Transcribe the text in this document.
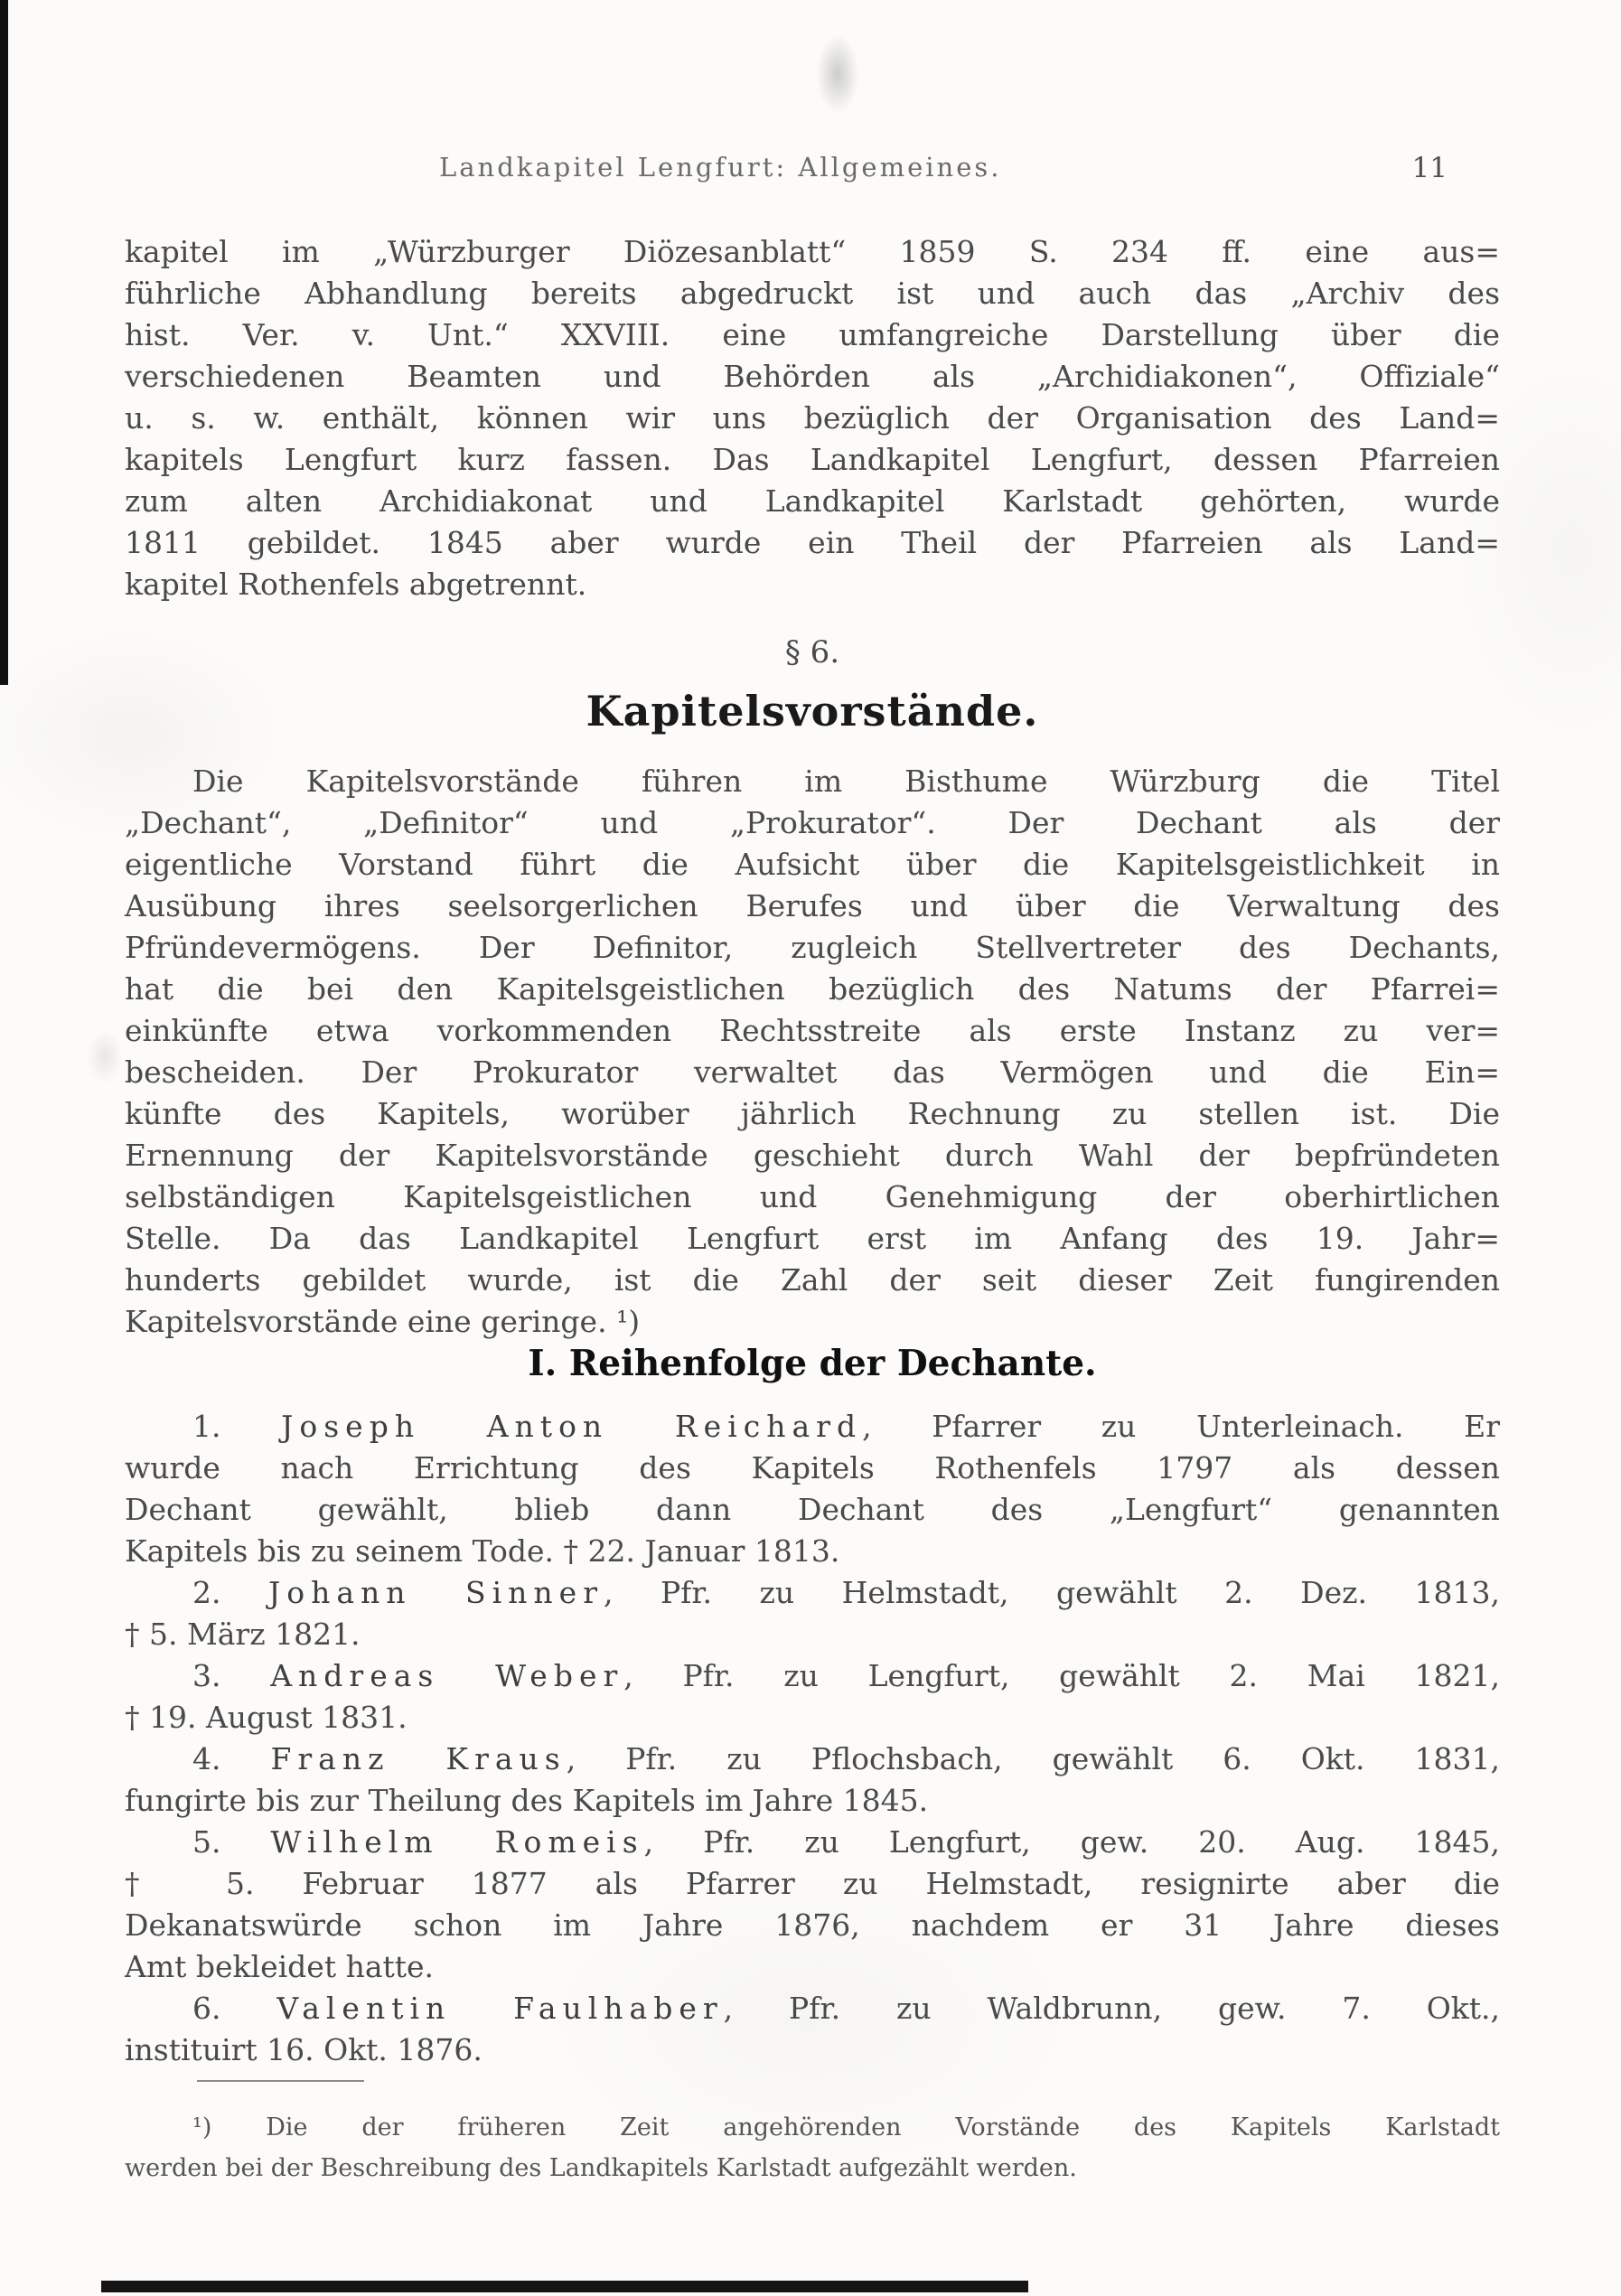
Landkapitel Lengfurt: Allgemeines.	11
kapitel im „Würzburger Diözesanblatt“ 1859 S. 234 ff. eine aus=
führliche Abhandlung bereits abgedruckt ist und auch das „Archiv des
hist. Ver. v. Unt.“ XXVIII. eine umfangreiche Darstellung über die
verschiedenen Beamten und Behörden als „Archidiakonen“, Offiziale“
u. s. w. enthält, können wir uns bezüglich der Organisation des Land=
kapitels Lengfurt kurz fassen. Das Landkapitel Lengfurt, dessen Pfarreien
zum alten Archidiakonat und Landkapitel Karlstadt gehörten, wurde
1811 gebildet. 1845 aber wurde ein Theil der Pfarreien als Land=
kapitel Rothenfels abgetrennt.
§ 6.
Kapitelsvorstände.
Die Kapitelsvorstände führen im Bisthume Würzburg die Titel
„Dechant“, „Definitor“ und „Prokurator“. Der Dechant als der
eigentliche Vorstand führt die Aufsicht über die Kapitelsgeistlichkeit in
Ausübung ihres seelsorgerlichen Berufes und über die Verwaltung des
Pfründevermögens. Der Definitor, zugleich Stellvertreter des Dechants,
hat die bei den Kapitelsgeistlichen bezüglich des Natums der Pfarrei=
einkünfte etwa vorkommenden Rechtsstreite als erste Instanz zu ver=
bescheiden. Der Prokurator verwaltet das Vermögen und die Ein=
künfte des Kapitels, worüber jährlich Rechnung zu stellen ist. Die
Ernennung der Kapitelsvorstände geschieht durch Wahl der bepfründeten
selbständigen Kapitelsgeistlichen und Genehmigung der oberhirtlichen
Stelle. Da das Landkapitel Lengfurt erst im Anfang des 19. Jahr=
hunderts gebildet wurde, ist die Zahl der seit dieser Zeit fungirenden
Kapitelsvorstände eine geringe. ¹)
I. Reihenfolge der Dechante.
1. Joseph Anton Reichard, Pfarrer zu Unterleinach. Er
wurde nach Errichtung des Kapitels Rothenfels 1797 als dessen
Dechant gewählt, blieb dann Dechant des „Lengfurt“ genannten
Kapitels bis zu seinem Tode. † 22. Januar 1813.
2. Johann Sinner, Pfr. zu Helmstadt, gewählt 2. Dez. 1813,
† 5. März 1821.
3. Andreas Weber, Pfr. zu Lengfurt, gewählt 2. Mai 1821,
† 19. August 1831.
4. Franz Kraus, Pfr. zu Pflochsbach, gewählt 6. Okt. 1831,
fungirte bis zur Theilung des Kapitels im Jahre 1845.
5. Wilhelm Romeis, Pfr. zu Lengfurt, gew. 20. Aug. 1845,
† 5. Februar 1877 als Pfarrer zu Helmstadt, resignirte aber die
Dekanatswürde schon im Jahre 1876, nachdem er 31 Jahre dieses
Amt bekleidet hatte.
6. Valentin Faulhaber, Pfr. zu Waldbrunn, gew. 7. Okt.,
instituirt 16. Okt. 1876.
¹) Die der früheren Zeit angehörenden Vorstände des Kapitels Karlstadt
werden bei der Beschreibung des Landkapitels Karlstadt aufgezählt werden.
